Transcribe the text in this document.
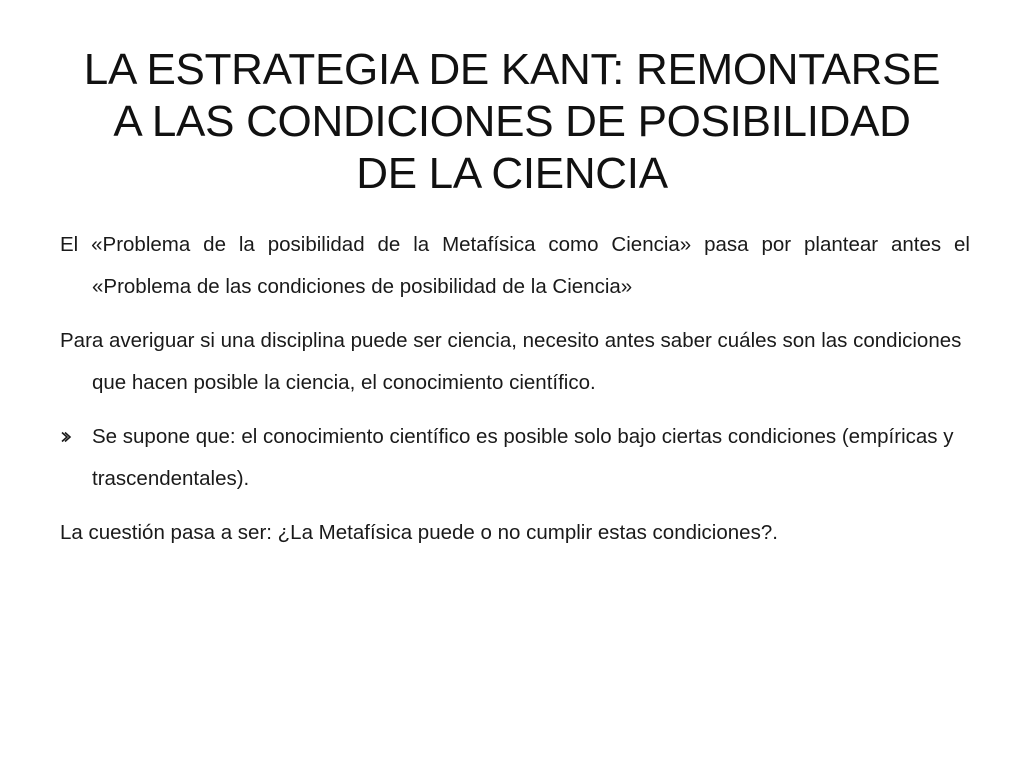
LA ESTRATEGIA DE KANT: REMONTARSE
A LAS CONDICIONES DE POSIBILIDAD
DE LA CIENCIA

El «Problema de la posibilidad de la Metafísica como Ciencia» pasa por plantear antes el «Problema de las condiciones de posibilidad de la Ciencia»

Para averiguar si una disciplina puede ser ciencia, necesito antes saber cuáles son las condiciones que hacen posible la ciencia, el conocimiento científico.

Se supone que: el conocimiento científico es posible solo bajo ciertas condiciones (empíricas y trascendentales).

La cuestión pasa a ser: ¿La Metafísica puede o no cumplir estas condiciones?.
